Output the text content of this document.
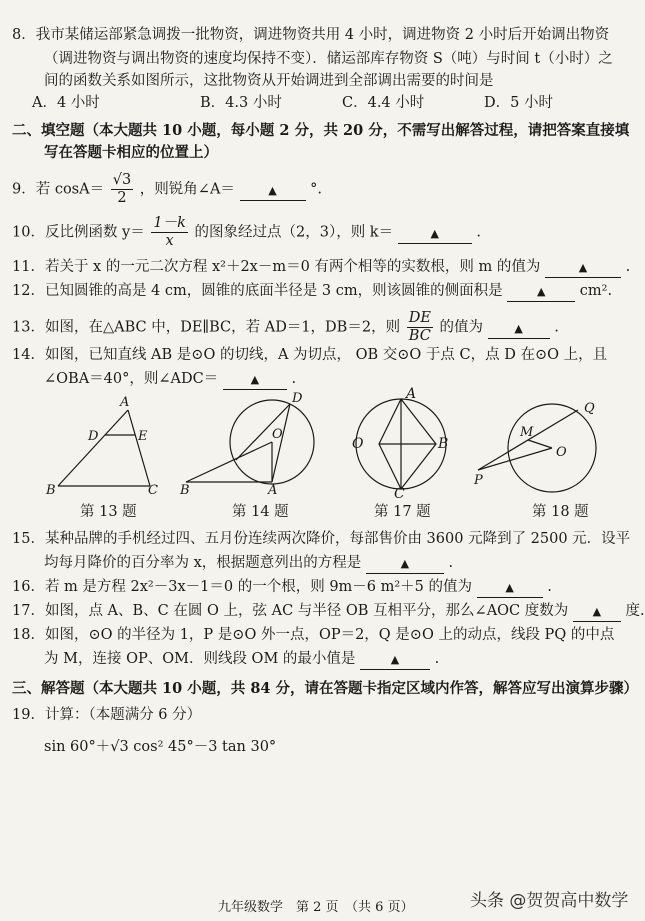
8．我市某储运部紧急调拨一批物资，调进物资共用 4 小时，调进物资 2 小时后开始调出物资
（调进物资与调出物资的速度均保持不变）．储运部库存物资 S（吨）与时间 t（小时）之
间的函数关系如图所示，这批物资从开始调进到全部调出需要的时间是
A．4 小时	B．4.3 小时	C．4.4 小时	D．5 小时
二、填空题（本大题共 10 小题，每小题 2 分，共 20 分，不需写出解答过程，请把答案直接填
写在答题卡相应的位置上）
9．若 $\cos A= \frac{√3}{2}$ ，则锐角∠A＝	▲ °.
10．反比例函数 $y= \frac{1-k}{x}$ 的图象经过点（2，3），则 k＝	▲	.
11．若关于 x 的一元二次方程 x²＋2x－m＝0 有两个相等的实数根，则 m 的值为	▲	.
12．已知圆锥的高是 4 cm，圆锥的底面半径是 3 cm，则该圆锥的侧面积是	▲ cm².
13．如图，在△ABC 中，DE∥BC，若 AD＝1，DB＝2，则 $\frac{DE}{BC}$ 的值为	▲ .
14．如图，已知直线 AB 是⊙O 的切线，A 为切点， OB 交⊙O 于点 C，点 D 在⊙O 上，且
∠OBA＝40°，则∠ADC＝	▲ .
A
D	E
B	C
D
O
B	A
A
O	B
C
Q
M
O
P
第 13 题	第 14 题	第 17 题	第 18 题
15．某种品牌的手机经过四、五月份连续两次降价，每部售价由 3600 元降到了 2500 元．设平
均每月降价的百分率为 x，根据题意列出的方程是	▲	.
16．若 m 是方程 2x²－3x－1＝0 的一个根，则 9m－6 m²＋5 的值为	▲ .
17．如图，点 A、B、C 在圆 O 上，弦 AC 与半径 OB 互相平分，那么∠AOC 度数为 ▲ 度.
18．如图，⊙O 的半径为 1，P 是⊙O 外一点，OP＝2，Q 是⊙O 上的动点，线段 PQ 的中点
为 M，连接 OP、OM．则线段 OM 的最小值是	▲ .
三、解答题（本大题共 10 小题，共 84 分，请在答题卡指定区域内作答，解答应写出演算步骤）
19．计算：（本题满分 6 分）
sin 60°＋√3 cos² 45°－3 tan 30°
九年级数学　第 2 页　（共 6 页）	头条 @贺贺高中数学
